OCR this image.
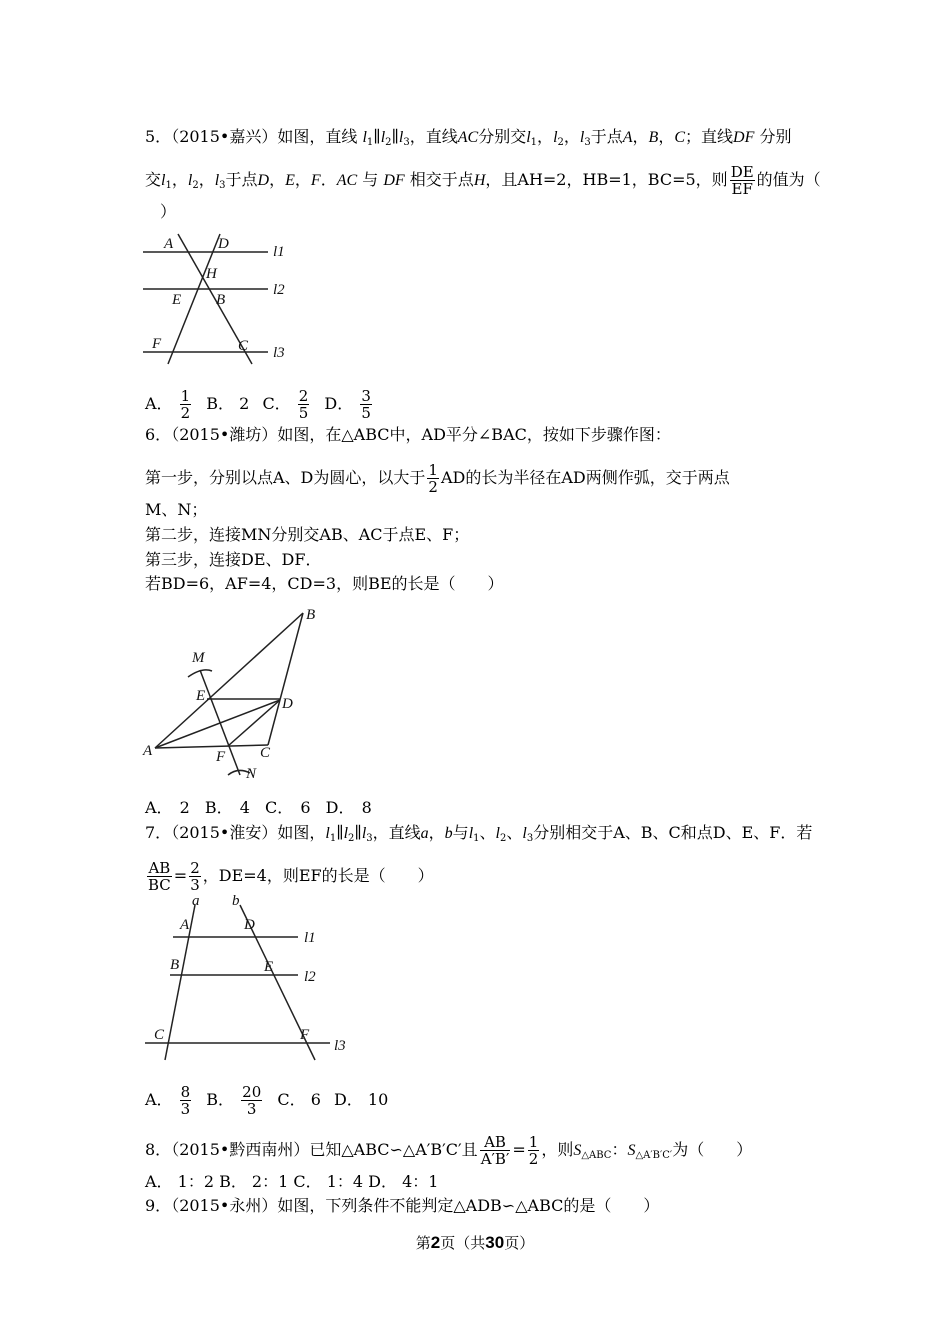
5．（2015•嘉兴）如图，直线 $l_1\parallel l_2\parallel l_3$，直线AC分别交$l_1$，$l_2$，$l_3$于点A，B，C；直线DF 分别
交$l_1$，$l_2$，$l_3$于点D，E，F．AC 与 DF 相交于点H，且AH=2，HB=1，BC=5，则 $\frac{DE}{EF}$ 的值为（
）
A	D
H
E B
F	C
l1
l2
l3
A． $\frac{1}{2}$ B． 2 C． $\frac{2}{5}$ D． $\frac{3}{5}$
6．（2015•潍坊）如图，在△ABC中，AD平分∠BAC，按如下步骤作图：
第一步，分别以点A、D为圆心，以大于 $\frac{1}{2}$ AD的长为半径在AD两侧作弧，交于两点
M、N；
第二步，连接MN分别交AB、AC于点E、F；
第三步，连接DE、DF．
若BD=6，AF=4，CD=3，则BE的长是（　　）
B
M
E	D
A	F C
N
A． 2 B． 4 C． 6 D． 8
7．（2015•淮安）如图，$l_1\parallel l_2\parallel l_3$，直线a，b与$l_1$、$l_2$、$l_3$分别相交于A、B、C和点D、E、F．若
$\frac{AB}{BC} = \frac{2}{3}$ ，DE=4，则EF的长是（　　）
a b
A	D
B	E
C	F
l1
l2
l3
A． $\frac{8}{3}$ B． $\frac{20}{3}$ C． 6 D． 10
8．（2015•黔西南州）已知△ABC∽△A′B′C′且 $\frac{AB}{A'B'} = \frac{1}{2}$ ，则$S_{\triangle ABC}$：$S_{\triangle A'B'C'}$为（　　）
A． 1：2 B． 2：1 C． 1：4 D． 4：1
9．（2015•永州）如图，下列条件不能判定△ADB∽△ABC的是（　　）
第2页（共30页）
